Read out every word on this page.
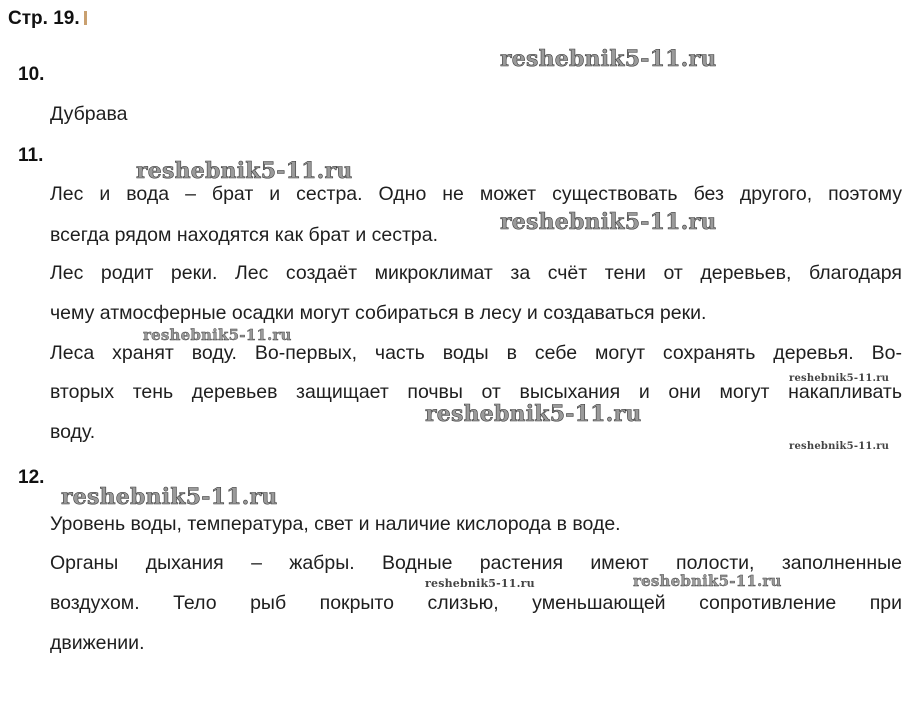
Стр. 19.
10.
Дубрава
11.
Лес и вода – брат и сестра. Одно не может существовать без другого, поэтому
всегда рядом находятся как брат и сестра.
Лес родит реки. Лес создаёт микроклимат за счёт тени от деревьев, благодаря
чему атмосферные осадки могут собираться в лесу и создаваться реки.
Леса хранят воду. Во-первых, часть воды в себе могут сохранять деревья. Во-
вторых тень деревьев защищает почвы от высыхания и они могут накапливать
воду.
12.
Уровень воды, температура, свет и наличие кислорода в воде.
Органы дыхания – жабры. Водные растения имеют полости, заполненные
воздухом. Тело рыб покрыто слизью, уменьшающей сопротивление при
движении.
reshebnik5-11.ru
reshebnik5-11.ru
reshebnik5-11.ru
reshebnik5-11.ru
reshebnik5-11.ru
reshebnik5-11.ru
reshebnik5-11.ru
reshebnik5-11.ru
reshebnik5-11.ru	reshebnik5-11.ru
